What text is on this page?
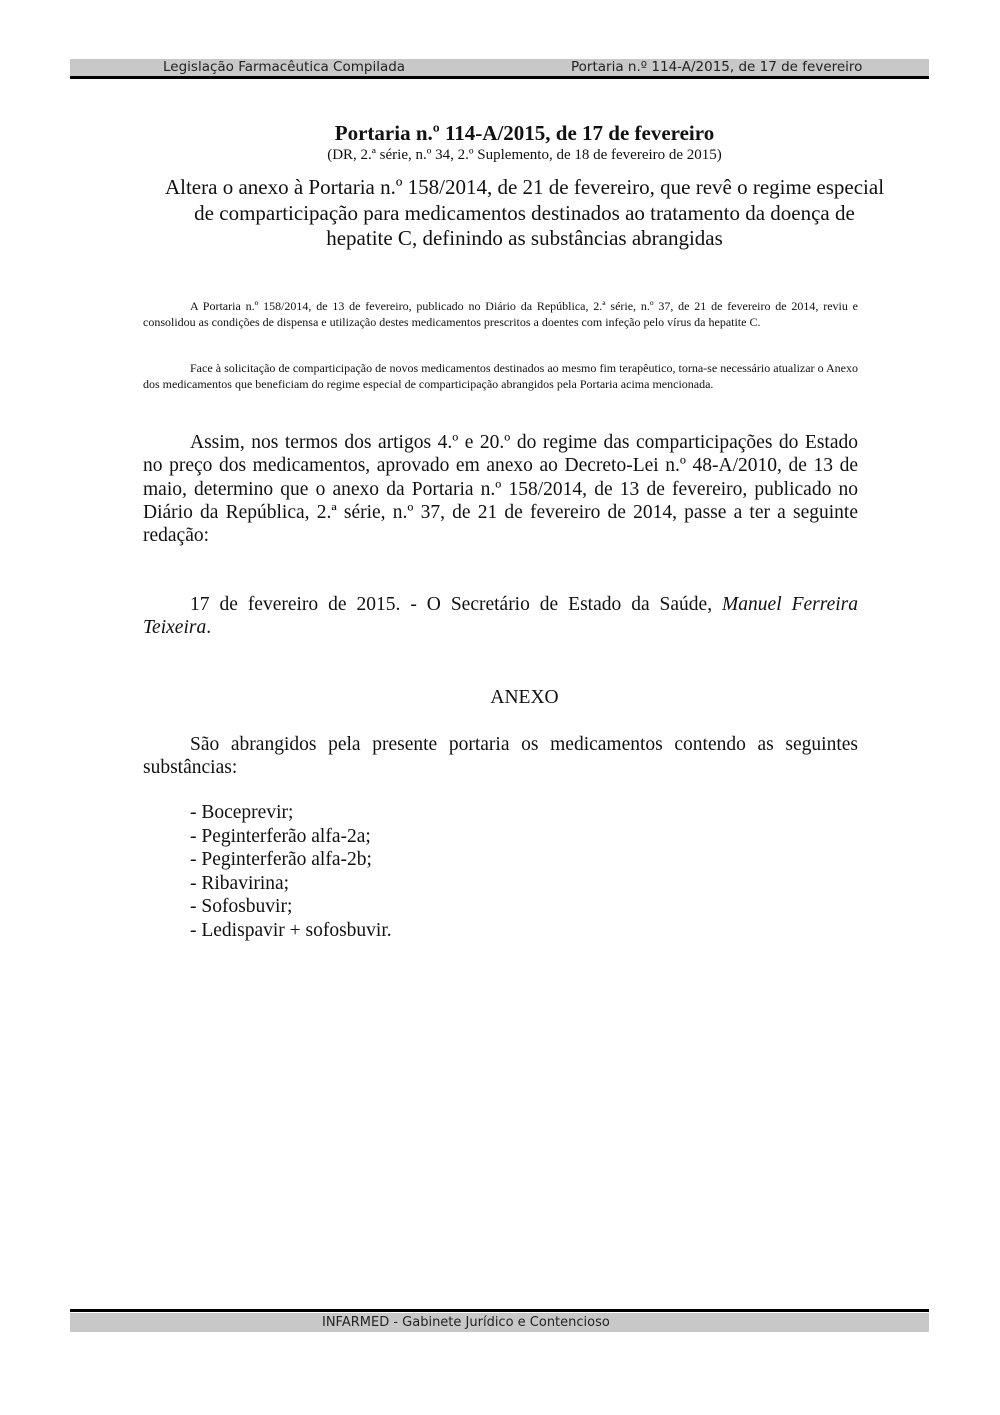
Legislação Farmacêutica Compilada	Portaria n.º 114-A/2015, de 17 de fevereiro
Portaria n.º 114-A/2015, de 17 de fevereiro
(DR, 2.ª série, n.º 34, 2.º Suplemento, de 18 de fevereiro de 2015)
Altera o anexo à Portaria n.º 158/2014, de 21 de fevereiro, que revê o regime especial de comparticipação para medicamentos destinados ao tratamento da doença de hepatite C, definindo as substâncias abrangidas

A Portaria n.º 158/2014, de 13 de fevereiro, publicado no Diário da República, 2.ª série, n.º 37, de 21 de fevereiro de 2014, reviu e consolidou as condições de dispensa e utilização destes medicamentos prescritos a doentes com infeção pelo vírus da hepatite C.

Face à solicitação de comparticipação de novos medicamentos destinados ao mesmo fim terapêutico, torna-se necessário atualizar o Anexo dos medicamentos que beneficiam do regime especial de comparticipação abrangidos pela Portaria acima mencionada.

Assim, nos termos dos artigos 4.º e 20.º do regime das comparticipações do Estado no preço dos medicamentos, aprovado em anexo ao Decreto-Lei n.º 48-A/2010, de 13 de maio, determino que o anexo da Portaria n.º 158/2014, de 13 de fevereiro, publicado no Diário da República, 2.ª série, n.º 37, de 21 de fevereiro de 2014, passe a ter a seguinte redação:

17 de fevereiro de 2015. - O Secretário de Estado da Saúde, Manuel Ferreira Teixeira.

ANEXO

São abrangidos pela presente portaria os medicamentos contendo as seguintes substâncias:

- Boceprevir;
- Peginterferão alfa-2a;
- Peginterferão alfa-2b;
- Ribavirina;
- Sofosbuvir;
- Ledispavir + sofosbuvir.
INFARMED - Gabinete Jurídico e Contencioso
